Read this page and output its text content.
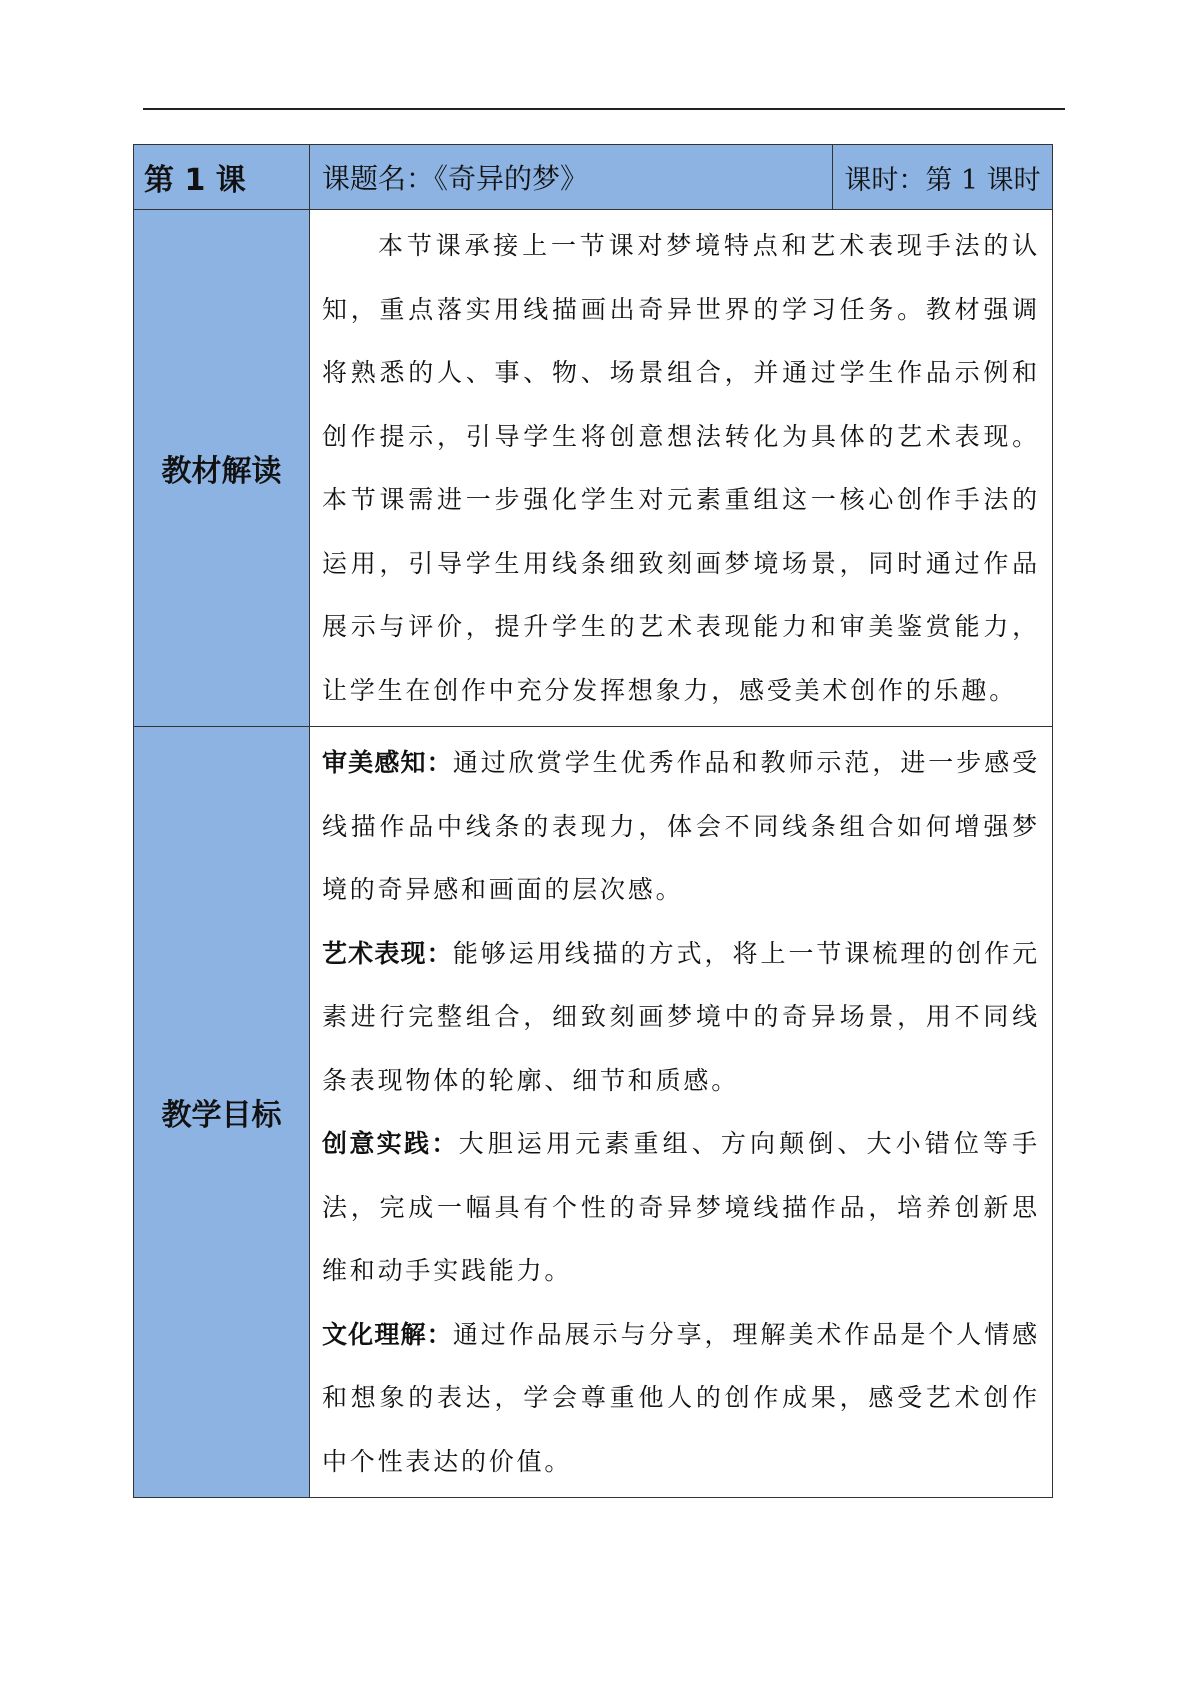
第 1 课	课题名：《奇异的梦》	课时：第 1 课时
教材解读	本节课承接上一节课对梦境特点和艺术表现手法的认知，重点落实用线描画出奇异世界的学习任务。教材强调将熟悉的人、事、物、场景组合，并通过学生作品示例和创作提示，引导学生将创意想法转化为具体的艺术表现。本节课需进一步强化学生对元素重组这一核心创作手法的运用，引导学生用线条细致刻画梦境场景，同时通过作品展示与评价，提升学生的艺术表现能力和审美鉴赏能力，让学生在创作中充分发挥想象力，感受美术创作的乐趣。	

教学目标	审美感知：通过欣赏学生优秀作品和教师示范，进一步感受线描作品中线条的表现力，体会不同线条组合如何增强梦境的奇异感和画面的层次感。

艺术表现：能够运用线描的方式，将上一节课梳理的创作元素进行完整组合，细致刻画梦境中的奇异场景，用不同线条表现物体的轮廓、细节和质感。

创意实践：大胆运用元素重组、方向颠倒、大小错位等手法，完成一幅具有个性的奇异梦境线描作品，培养创新思维和动手实践能力。

文化理解：通过作品展示与分享，理解美术作品是个人情感和想象的表达，学会尊重他人的创作成果，感受艺术创作中个性表达的价值。	
